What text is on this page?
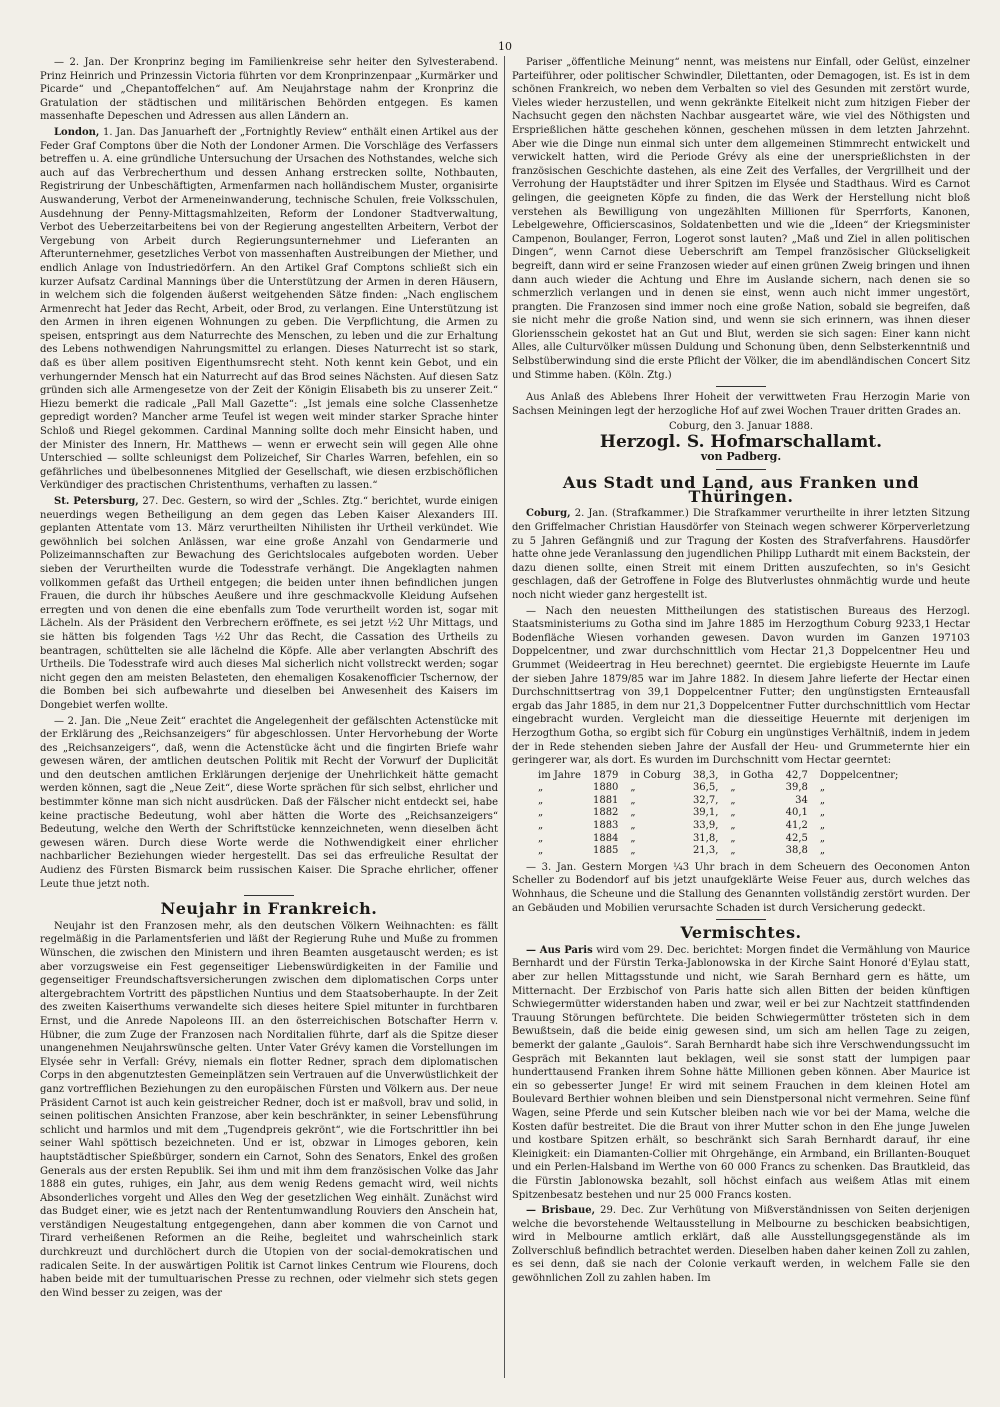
10

— 2. Jan. Der Kronprinz beging im Familienkreise sehr heiter den Sylvesterabend. Prinz Heinrich und Prinzessin Victoria führten vor dem Kronprinzenpaar „Kurmärker und Picarde“ und „Chepantoffelchen“ auf. Am Neujahrstage nahm der Kronprinz die Gratulation der städtischen und militärischen Behörden entgegen. Es kamen massenhafte Depeschen und Adressen aus allen Ländern an.

London, 1. Jan. Das Januarheft der „Fortnightly Review“ enthält einen Artikel aus der Feder Graf Comptons über die Noth der Londoner Armen. Die Vorschläge des Verfassers betreffen u. A. eine gründliche Untersuchung der Ursachen des Nothstandes, welche sich auch auf das Verbrecherthum und dessen Anhang erstrecken sollte, Nothbauten, Registrirung der Unbeschäftigten, Armenfarmen nach holländischem Muster, organisirte Auswanderung, Verbot der Armeneinwanderung, technische Schulen, freie Volksschulen, Ausdehnung der Penny-Mittagsmahlzeiten, Reform der Londoner Stadtverwaltung, Verbot des Ueberzeitarbeitens bei von der Regierung angestellten Arbeitern, Verbot der Vergebung von Arbeit durch Regierungsunternehmer und Lieferanten an Afterunternehmer, gesetzliches Verbot von massenhaften Austreibungen der Miether, und endlich Anlage von Industriedörfern. An den Artikel Graf Comptons schließt sich ein kurzer Aufsatz Cardinal Mannings über die Unterstützung der Armen in deren Häusern, in welchem sich die folgenden äußerst weitgehenden Sätze finden: „Nach englischem Armenrecht hat Jeder das Recht, Arbeit, oder Brod, zu verlangen. Eine Unterstützung ist den Armen in ihren eigenen Wohnungen zu geben. Die Verpflichtung, die Armen zu speisen, entspringt aus dem Naturrechte des Menschen, zu leben und die zur Erhaltung des Lebens nothwendigen Nahrungsmittel zu erlangen. Dieses Naturrecht ist so stark, daß es über allem positiven Eigenthumsrecht steht. Noth kennt kein Gebot, und ein verhungernder Mensch hat ein Naturrecht auf das Brod seines Nächsten. Auf diesen Satz gründen sich alle Armengesetze von der Zeit der Königin Elisabeth bis zu unserer Zeit.“ Hiezu bemerkt die radicale „Pall Mall Gazette“: „Ist jemals eine solche Classenhetze gepredigt worden? Mancher arme Teufel ist wegen weit minder starker Sprache hinter Schloß und Riegel gekommen. Cardinal Manning sollte doch mehr Einsicht haben, und der Minister des Innern, Hr. Matthews — wenn er erwecht sein will gegen Alle ohne Unterschied — sollte schleunigst dem Polizeichef, Sir Charles Warren, befehlen, ein so gefährliches und übelbesonnenes Mitglied der Gesellschaft, wie diesen erzbischöflichen Verkündiger des practischen Christenthums, verhaften zu lassen.“

St. Petersburg, 27. Dec. Gestern, so wird der „Schles. Ztg.“ berichtet, wurde einigen neuerdings wegen Betheiligung an dem gegen das Leben Kaiser Alexanders III. geplanten Attentate vom 13. März verurtheilten Nihilisten ihr Urtheil verkündet. Wie gewöhnlich bei solchen Anlässen, war eine große Anzahl von Gendarmerie und Polizeimannschaften zur Bewachung des Gerichtslocales aufgeboten worden. Ueber sieben der Verurtheilten wurde die Todesstrafe verhängt. Die Angeklagten nahmen vollkommen gefaßt das Urtheil entgegen; die beiden unter ihnen befindlichen jungen Frauen, die durch ihr hübsches Aeußere und ihre geschmackvolle Kleidung Aufsehen erregten und von denen die eine ebenfalls zum Tode verurtheilt worden ist, sogar mit Lächeln. Als der Präsident den Verbrechern eröffnete, es sei jetzt ½2 Uhr Mittags, und sie hätten bis folgenden Tags ½2 Uhr das Recht, die Cassation des Urtheils zu beantragen, schüttelten sie alle lächelnd die Köpfe. Alle aber verlangten Abschrift des Urtheils. Die Todesstrafe wird auch dieses Mal sicherlich nicht vollstreckt werden; sogar nicht gegen den am meisten Belasteten, den ehemaligen Kosakenofficier Tschernow, der die Bomben bei sich aufbewahrte und dieselben bei Anwesenheit des Kaisers im Dongebiet werfen wollte.

— 2. Jan. Die „Neue Zeit“ erachtet die Angelegenheit der gefälschten Actenstücke mit der Erklärung des „Reichsanzeigers“ für abgeschlossen. Unter Hervorhebung der Worte des „Reichsanzeigers“, daß, wenn die Actenstücke ächt und die fingirten Briefe wahr gewesen wären, der amtlichen deutschen Politik mit Recht der Vorwurf der Duplicität und den deutschen amtlichen Erklärungen derjenige der Unehrlichkeit hätte gemacht werden können, sagt die „Neue Zeit“, diese Worte sprächen für sich selbst, ehrlicher und bestimmter könne man sich nicht ausdrücken. Daß der Fälscher nicht entdeckt sei, habe keine practische Bedeutung, wohl aber hätten die Worte des „Reichsanzeigers“ Bedeutung, welche den Werth der Schriftstücke kennzeichneten, wenn dieselben ächt gewesen wären. Durch diese Worte werde die Nothwendigkeit einer ehrlicher nachbarlicher Beziehungen wieder hergestellt. Das sei das erfreuliche Resultat der Audienz des Fürsten Bismarck beim russischen Kaiser. Die Sprache ehrlicher, offener Leute thue jetzt noth.

Neujahr in Frankreich.

Neujahr ist den Franzosen mehr, als den deutschen Völkern Weihnachten: es fällt regelmäßig in die Parlamentsferien und läßt der Regierung Ruhe und Muße zu frommen Wünschen, die zwischen den Ministern und ihren Beamten ausgetauscht werden; es ist aber vorzugsweise ein Fest gegenseitiger Liebenswürdigkeiten in der Familie und gegenseitiger Freundschaftsversicherungen zwischen dem diplomatischen Corps unter altergebrachtem Vortritt des päpstlichen Nuntius und dem Staatsoberhaupte. In der Zeit des zweiten Kaiserthums verwandelte sich dieses heitere Spiel mitunter in furchtbaren Ernst, und die Anrede Napoleons III. an den österreichischen Botschafter Herrn v. Hübner, die zum Zuge der Franzosen nach Norditalien führte, darf als die Spitze dieser unangenehmen Neujahrswünsche gelten. Unter Vater Grévy kamen die Vorstellungen im Elysée sehr in Verfall: Grévy, niemals ein flotter Redner, sprach dem diplomatischen Corps in den abgenutztesten Gemeinplätzen sein Vertrauen auf die Unverwüstlichkeit der ganz vortrefflichen Beziehungen zu den europäischen Fürsten und Völkern aus. Der neue Präsident Carnot ist auch kein geistreicher Redner, doch ist er maßvoll, brav und solid, in seinen politischen Ansichten Franzose, aber kein beschränkter, in seiner Lebensführung schlicht und harmlos und mit dem „Tugendpreis gekrönt“, wie die Fortschrittler ihn bei seiner Wahl spöttisch bezeichneten. Und er ist, obzwar in Limoges geboren, kein hauptstädtischer Spießbürger, sondern ein Carnot, Sohn des Senators, Enkel des großen Generals aus der ersten Republik. Sei ihm und mit ihm dem französischen Volke das Jahr 1888 ein gutes, ruhiges, ein Jahr, aus dem wenig Redens gemacht wird, weil nichts Absonderliches vorgeht und Alles den Weg der gesetzlichen Weg einhält. Zunächst wird das Budget einer, wie es jetzt nach der Rententumwandlung Rouviers den Anschein hat, verständigen Neugestaltung entgegengehen, dann aber kommen die von Carnot und Tirard verheißenen Reformen an die Reihe, begleitet und wahrscheinlich stark durchkreuzt und durchlöchert durch die Utopien von der social-demokratischen und radicalen Seite. In der auswärtigen Politik ist Carnot linkes Centrum wie Flourens, doch haben beide mit der tumultuarischen Presse zu rechnen, oder vielmehr sich stets gegen den Wind besser zu zeigen, was der

Pariser „öffentliche Meinung“ nennt, was meistens nur Einfall, oder Gelüst, einzelner Parteiführer, oder politischer Schwindler, Dilettanten, oder Demagogen, ist. Es ist in dem schönen Frankreich, wo neben dem Verbalten so viel des Gesunden mit zerstört wurde, Vieles wieder herzustellen, und wenn gekränkte Eitelkeit nicht zum hitzigen Fieber der Nachsucht gegen den nächsten Nachbar ausgeartet wäre, wie viel des Nöthigsten und Ersprießlichen hätte geschehen können, geschehen müssen in dem letzten Jahrzehnt. Aber wie die Dinge nun einmal sich unter dem allgemeinen Stimmrecht entwickelt und verwickelt hatten, wird die Periode Grévy als eine der unersprießlichsten in der französischen Geschichte dastehen, als eine Zeit des Verfalles, der Vergrillheit und der Verrohung der Hauptstädter und ihrer Spitzen im Elysée und Stadthaus. Wird es Carnot gelingen, die geeigneten Köpfe zu finden, die das Werk der Herstellung nicht bloß verstehen als Bewilligung von ungezählten Millionen für Sperrforts, Kanonen, Lebelgewehre, Officierscasinos, Soldatenbetten und wie die „Ideen“ der Kriegsminister Campenon, Boulanger, Ferron, Logerot sonst lauten? „Maß und Ziel in allen politischen Dingen“, wenn Carnot diese Ueberschrift am Tempel französischer Glückseligkeit begreift, dann wird er seine Franzosen wieder auf einen grünen Zweig bringen und ihnen dann auch wieder die Achtung und Ehre im Auslande sichern, nach denen sie so schmerzlich verlangen und in denen sie einst, wenn auch nicht immer ungestört, prangten. Die Franzosen sind immer noch eine große Nation, sobald sie begreifen, daß sie nicht mehr die große Nation sind, und wenn sie sich erinnern, was ihnen dieser Gloriensschein gekostet hat an Gut und Blut, werden sie sich sagen: Einer kann nicht Alles, alle Culturvölker müssen Duldung und Schonung üben, denn Selbsterkenntniß und Selbstüberwindung sind die erste Pflicht der Völker, die im abendländischen Concert Sitz und Stimme haben. (Köln. Ztg.)

Aus Anlaß des Ablebens Ihrer Hoheit der verwittweten Frau Herzogin Marie von Sachsen Meiningen legt der herzogliche Hof auf zwei Wochen Trauer dritten Grades an.

Coburg, den 3. Januar 1888.

Herzogl. S. Hofmarschallamt.
von Padberg.
Aus Stadt und Land, aus Franken und Thüringen.

Coburg, 2. Jan. (Strafkammer.) Die Strafkammer verurtheilte in ihrer letzten Sitzung den Griffelmacher Christian Hausdörfer von Steinach wegen schwerer Körperverletzung zu 5 Jahren Gefängniß und zur Tragung der Kosten des Strafverfahrens. Hausdörfer hatte ohne jede Veranlassung den jugendlichen Philipp Luthardt mit einem Backstein, der dazu dienen sollte, einen Streit mit einem Dritten auszufechten, so in's Gesicht geschlagen, daß der Getroffene in Folge des Blutverlustes ohnmächtig wurde und heute noch nicht wieder ganz hergestellt ist.

— Nach den neuesten Mittheilungen des statistischen Bureaus des Herzogl. Staatsministeriums zu Gotha sind im Jahre 1885 im Herzogthum Coburg 9233,1 Hectar Bodenfläche Wiesen vorhanden gewesen. Davon wurden im Ganzen 197103 Doppelcentner, und zwar durchschnittlich vom Hectar 21,3 Doppelcentner Heu und Grummet (Weideertrag in Heu berechnet) geerntet. Die ergiebigste Heuernte im Laufe der sieben Jahre 1879/85 war im Jahre 1882. In diesem Jahre lieferte der Hectar einen Durchschnittsertrag von 39,1 Doppelcentner Futter; den ungünstigsten Ernteausfall ergab das Jahr 1885, in dem nur 21,3 Doppelcentner Futter durchschnittlich vom Hectar eingebracht wurden. Vergleicht man die diesseitige Heuernte mit derjenigen im Herzogthum Gotha, so ergibt sich für Coburg ein ungünstiges Verhältniß, indem in jedem der in Rede stehenden sieben Jahre der Ausfall der Heu- und Grummeternte hier ein geringerer war, als dort. Es wurden im Durchschnitt vom Hectar geerntet:

im Jahre	1879	in Coburg	38,3,	in Gotha	42,7	Doppelcentner;
„	1880	„	36,5,	„	39,8	„
„	1881	„	32,7,	„	34	„
„	1882	„	39,1,	„	40,1	„
„	1883	„	33,9,	„	41,2	„
„	1884	„	31,8,	„	42,5	„
„	1885	„	21,3,	„	38,8	„

— 3. Jan. Gestern Morgen ¼3 Uhr brach in dem Scheuern des Oeconomen Anton Scheller zu Bodendorf auf bis jetzt unaufgeklärte Weise Feuer aus, durch welches das Wohnhaus, die Scheune und die Stallung des Genannten vollständig zerstört wurden. Der an Gebäuden und Mobilien verursachte Schaden ist durch Versicherung gedeckt.

Vermischtes.

— Aus Paris wird vom 29. Dec. berichtet: Morgen findet die Vermählung von Maurice Bernhardt und der Fürstin Terka-Jablonowska in der Kirche Saint Honoré d'Eylau statt, aber zur hellen Mittagsstunde und nicht, wie Sarah Bernhard gern es hätte, um Mitternacht. Der Erzbischof von Paris hatte sich allen Bitten der beiden künftigen Schwiegermütter widerstanden haben und zwar, weil er bei zur Nachtzeit stattfindenden Trauung Störungen befürchtete. Die beiden Schwiegermütter trösteten sich in dem Bewußtsein, daß die beide einig gewesen sind, um sich am hellen Tage zu zeigen, bemerkt der galante „Gaulois“. Sarah Bernhardt habe sich ihre Verschwendungssucht im Gespräch mit Bekannten laut beklagen, weil sie sonst statt der lumpigen paar hunderttausend Franken ihrem Sohne hätte Millionen geben können. Aber Maurice ist ein so gebesserter Junge! Er wird mit seinem Frauchen in dem kleinen Hotel am Boulevard Berthier wohnen bleiben und sein Dienstpersonal nicht vermehren. Seine fünf Wagen, seine Pferde und sein Kutscher bleiben nach wie vor bei der Mama, welche die Kosten dafür bestreitet. Die die Braut von ihrer Mutter schon in den Ehe junge Juwelen und kostbare Spitzen erhält, so beschränkt sich Sarah Bernhardt darauf, ihr eine Kleinigkeit: ein Diamanten-Collier mit Ohrgehänge, ein Armband, ein Brillanten-Bouquet und ein Perlen-Halsband im Werthe von 60 000 Francs zu schenken. Das Brautkleid, das die Fürstin Jablonowska bezahlt, soll höchst einfach aus weißem Atlas mit einem Spitzenbesatz bestehen und nur 25 000 Francs kosten.

— Brisbaue, 29. Dec. Zur Verhütung von Mißverständnissen von Seiten derjenigen welche die bevorstehende Weltausstellung in Melbourne zu beschicken beabsichtigen, wird in Melbourne amtlich erklärt, daß alle Ausstellungsgegenstände als im Zollverschluß befindlich betrachtet werden. Dieselben haben daher keinen Zoll zu zahlen, es sei denn, daß sie nach der Colonie verkauft werden, in welchem Falle sie den gewöhnlichen Zoll zu zahlen haben. Im
